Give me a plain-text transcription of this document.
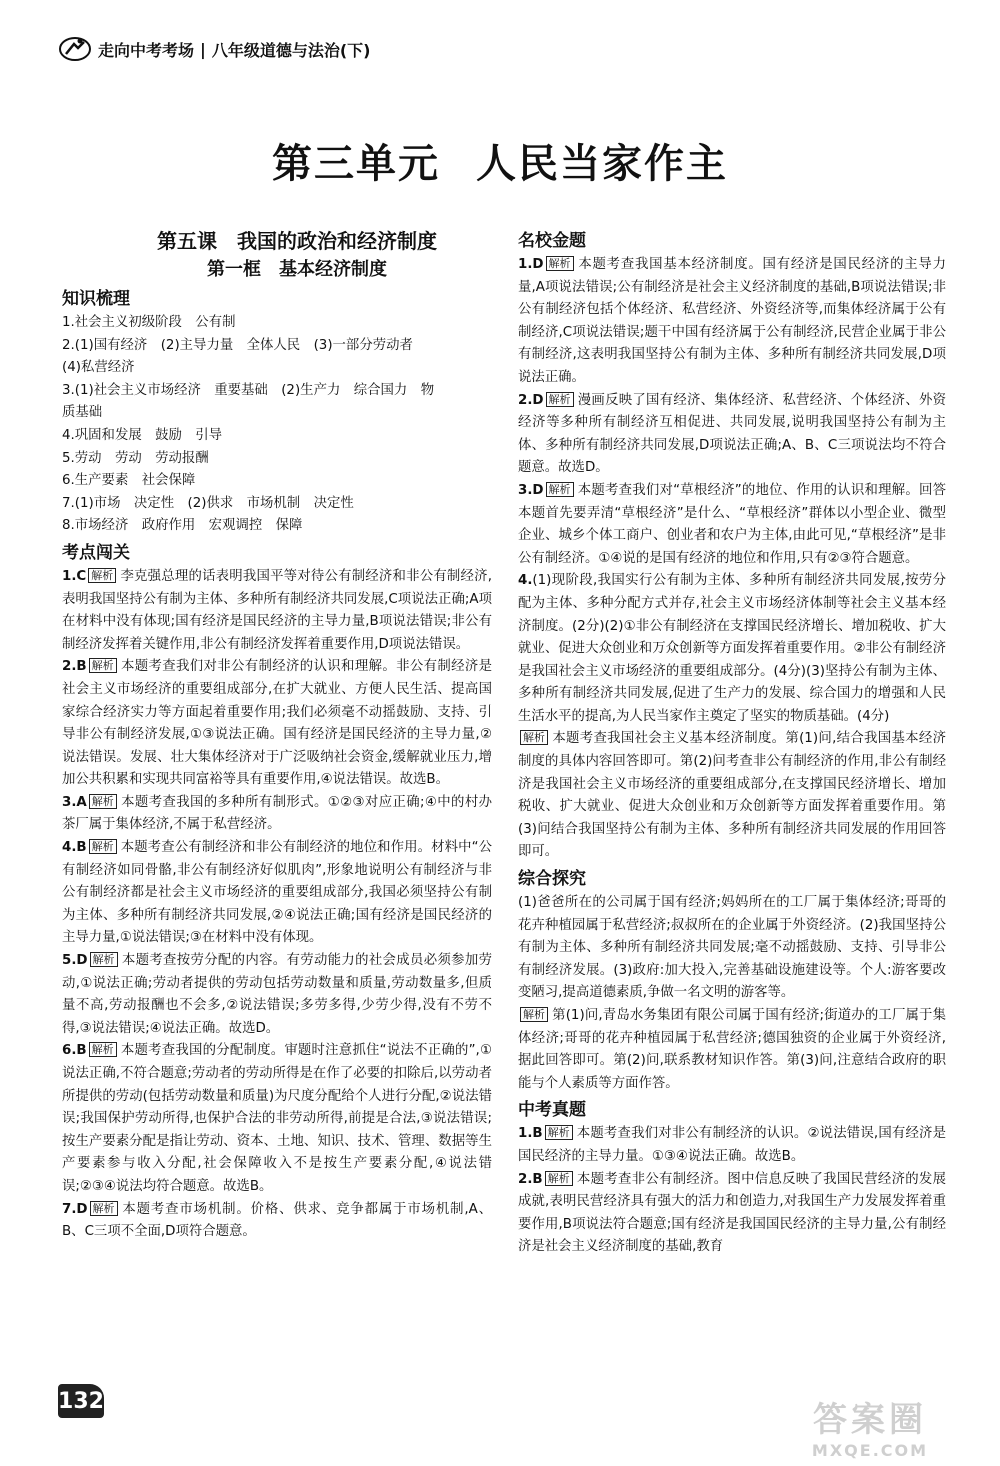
走向中考考场 | 八年级道德与法治(下)
第三单元 人民当家作主
第五课　我国的政治和经济制度
第一框　基本经济制度
知识梳理

1.社会主义初级阶段　公有制

2.(1)国有经济　(2)主导力量　全体人民　(3)一部分劳动者

(4)私营经济

3.(1)社会主义市场经济　重要基础　(2)生产力　综合国力　物

质基础

4.巩固和发展　鼓励　引导

5.劳动　劳动　劳动报酬

6.生产要素　社会保障

7.(1)市场　决定性　(2)供求　市场机制　决定性

8.市场经济　政府作用　宏观调控　保障

考点闯关

1.C 解析 李克强总理的话表明我国平等对待公有制经济和非公有制经济,表明我国坚持公有制为主体、多种所有制经济共同发展,C项说法正确;A项在材料中没有体现;国有经济是国民经济的主导力量,B项说法错误;非公有制经济发挥着关键作用,非公有制经济发挥着重要作用,D项说法错误。

2.B 解析 本题考查我们对非公有制经济的认识和理解。非公有制经济是社会主义市场经济的重要组成部分,在扩大就业、方便人民生活、提高国家综合经济实力等方面起着重要作用;我们必须毫不动摇鼓励、支持、引导非公有制经济发展,①③说法正确。国有经济是国民经济的主导力量,②说法错误。发展、壮大集体经济对于广泛吸纳社会资金,缓解就业压力,增加公共积累和实现共同富裕等具有重要作用,④说法错误。故选B。

3.A 解析 本题考查我国的多种所有制形式。①②③对应正确;④中的村办茶厂属于集体经济,不属于私营经济。

4.B 解析 本题考查公有制经济和非公有制经济的地位和作用。材料中“公有制经济如同骨骼,非公有制经济好似肌肉”,形象地说明公有制经济与非公有制经济都是社会主义市场经济的重要组成部分,我国必须坚持公有制为主体、多种所有制经济共同发展,②④说法正确;国有经济是国民经济的主导力量,①说法错误;③在材料中没有体现。

5.D 解析 本题考查按劳分配的内容。有劳动能力的社会成员必须参加劳动,①说法正确;劳动者提供的劳动包括劳动数量和质量,劳动数量多,但质量不高,劳动报酬也不会多,②说法错误;多劳多得,少劳少得,没有不劳不得,③说法错误;④说法正确。故选D。

6.B 解析 本题考查我国的分配制度。审题时注意抓住“说法不正确的”,①说法正确,不符合题意;劳动者的劳动所得是在作了必要的扣除后,以劳动者所提供的劳动(包括劳动数量和质量)为尺度分配给个人进行分配,②说法错误;我国保护劳动所得,也保护合法的非劳动所得,前提是合法,③说法错误;按生产要素分配是指让劳动、资本、土地、知识、技术、管理、数据等生产要素参与收入分配,社会保障收入不是按生产要素分配,④说法错误;②③④说法均符合题意。故选B。

7.D 解析 本题考查市场机制。价格、供求、竞争都属于市场机制,A、B、C三项不全面,D项符合题意。

名校金题

1.D 解析 本题考查我国基本经济制度。国有经济是国民经济的主导力量,A项说法错误;公有制经济是社会主义经济制度的基础,B项说法错误;非公有制经济包括个体经济、私营经济、外资经济等,而集体经济属于公有制经济,C项说法错误;题干中国有经济属于公有制经济,民营企业属于非公有制经济,这表明我国坚持公有制为主体、多种所有制经济共同发展,D项说法正确。

2.D 解析 漫画反映了国有经济、集体经济、私营经济、个体经济、外资经济等多种所有制经济互相促进、共同发展,说明我国坚持公有制为主体、多种所有制经济共同发展,D项说法正确;A、B、C三项说法均不符合题意。故选D。

3.D 解析 本题考查我们对“草根经济”的地位、作用的认识和理解。回答本题首先要弄清“草根经济”是什么、“草根经济”群体以小型企业、微型企业、城乡个体工商户、创业者和农户为主体,由此可见,“草根经济”是非公有制经济。①④说的是国有经济的地位和作用,只有②③符合题意。

4.(1)现阶段,我国实行公有制为主体、多种所有制经济共同发展,按劳分配为主体、多种分配方式并存,社会主义市场经济体制等社会主义基本经济制度。(2分)(2)①非公有制经济在支撑国民经济增长、增加税收、扩大就业、促进大众创业和万众创新等方面发挥着重要作用。②非公有制经济是我国社会主义市场经济的重要组成部分。(4分)(3)坚持公有制为主体、多种所有制经济共同发展,促进了生产力的发展、综合国力的增强和人民生活水平的提高,为人民当家作主奠定了坚实的物质基础。(4分)

解析 本题考查我国社会主义基本经济制度。第(1)问,结合我国基本经济制度的具体内容回答即可。第(2)问考查非公有制经济的作用,非公有制经济是我国社会主义市场经济的重要组成部分,在支撑国民经济增长、增加税收、扩大就业、促进大众创业和万众创新等方面发挥着重要作用。第(3)问结合我国坚持公有制为主体、多种所有制经济共同发展的作用回答即可。

综合探究

(1)爸爸所在的公司属于国有经济;妈妈所在的工厂属于集体经济;哥哥的花卉种植园属于私营经济;叔叔所在的企业属于外资经济。(2)我国坚持公有制为主体、多种所有制经济共同发展;毫不动摇鼓励、支持、引导非公有制经济发展。(3)政府:加大投入,完善基础设施建设等。个人:游客要改变陋习,提高道德素质,争做一名文明的游客等。

解析 第(1)问,青岛水务集团有限公司属于国有经济;街道办的工厂属于集体经济;哥哥的花卉种植园属于私营经济;德国独资的企业属于外资经济,据此回答即可。第(2)问,联系教材知识作答。第(3)问,注意结合政府的职能与个人素质等方面作答。

中考真题

1.B 解析 本题考查我们对非公有制经济的认识。②说法错误,国有经济是国民经济的主导力量。①③④说法正确。故选B。

2.B 解析 本题考查非公有制经济。图中信息反映了我国民营经济的发展成就,表明民营经济具有强大的活力和创造力,对我国生产力发展发挥着重要作用,B项说法符合题意;国有经济是我国国民经济的主导力量,公有制经济是社会主义经济制度的基础,教育

132	答案圈
MXQE.COM
